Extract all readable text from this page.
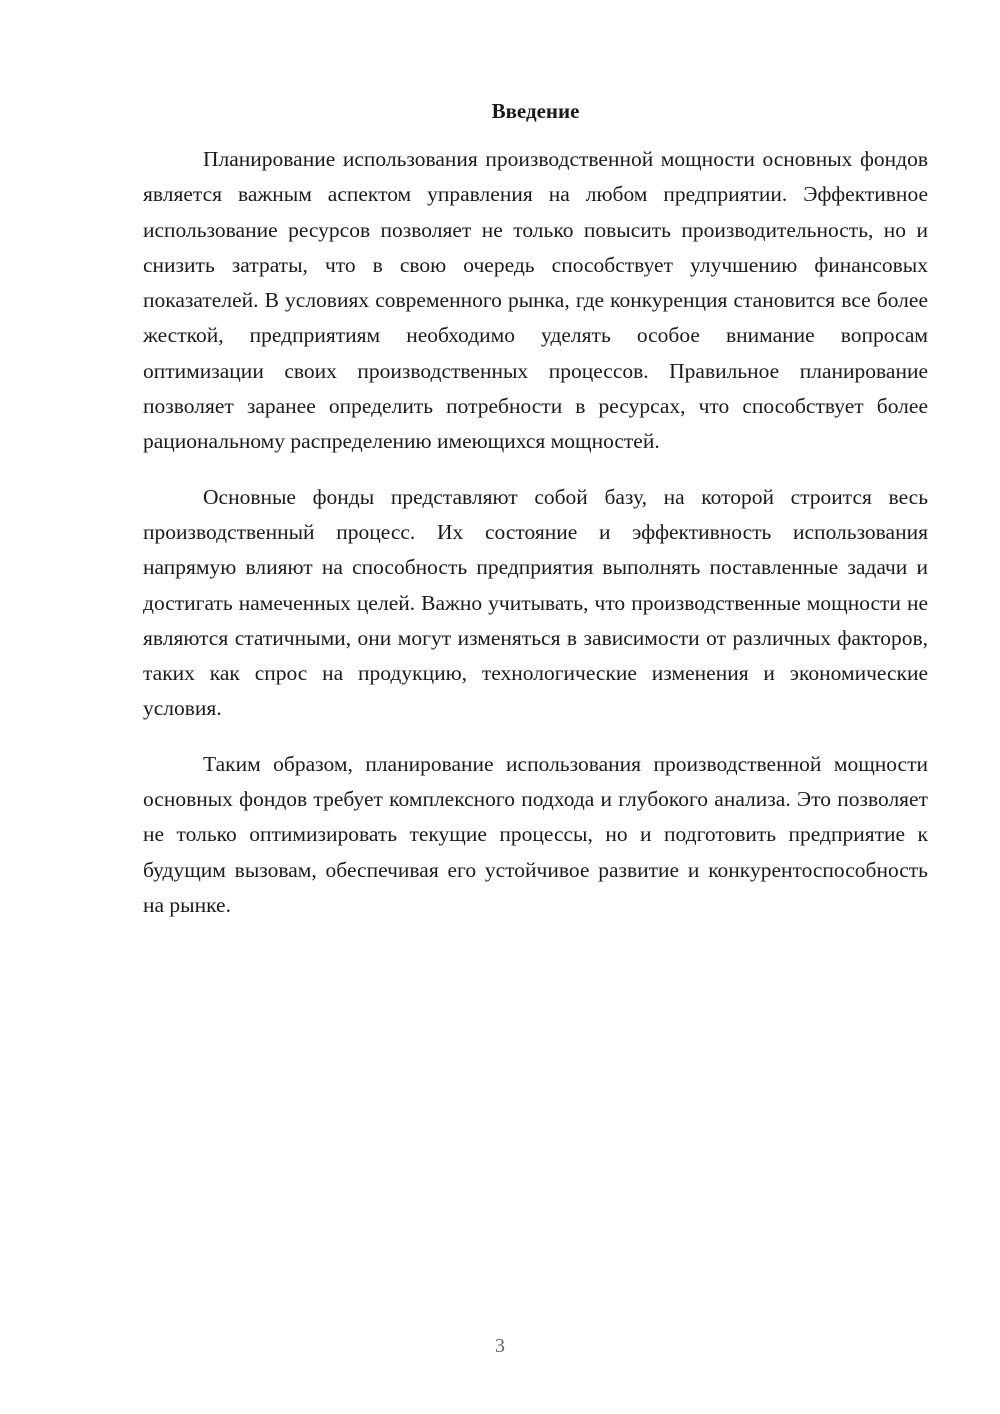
Введение

Планирование использования производственной мощности основных фондов является важным аспектом управления на любом предприятии. Эффективное использование ресурсов позволяет не только повысить производительность, но и снизить затраты, что в свою очередь способствует улучшению финансовых показателей. В условиях современного рынка, где конкуренция становится все более жесткой, предприятиям необходимо уделять особое внимание вопросам оптимизации своих производственных процессов. Правильное планирование позволяет заранее определить потребности в ресурсах, что способствует более рациональному распределению имеющихся мощностей.

Основные фонды представляют собой базу, на которой строится весь производственный процесс. Их состояние и эффективность использования напрямую влияют на способность предприятия выполнять поставленные задачи и достигать намеченных целей. Важно учитывать, что производственные мощности не являются статичными, они могут изменяться в зависимости от различных факторов, таких как спрос на продукцию, технологические изменения и экономические условия.

Таким образом, планирование использования производственной мощности основных фондов требует комплексного подхода и глубокого анализа. Это позволяет не только оптимизировать текущие процессы, но и подготовить предприятие к будущим вызовам, обеспечивая его устойчивое развитие и конкурентоспособность на рынке.

3
